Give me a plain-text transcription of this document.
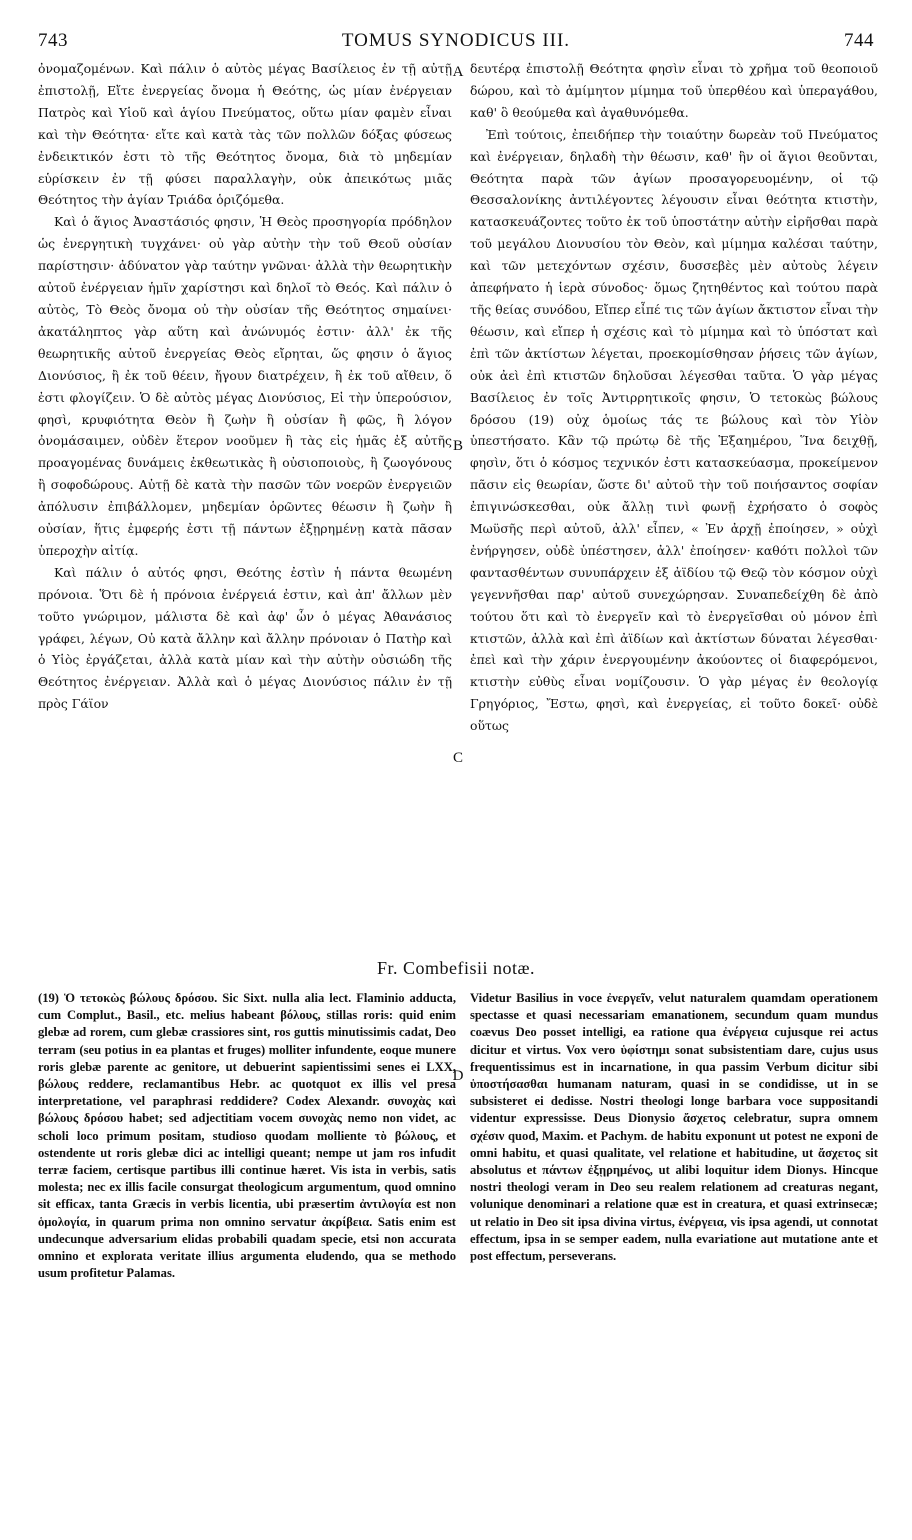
743	TOMUS SYNODICUS III.	744

ὀνομαζομένων. Καὶ πάλιν ὁ αὐτὸς μέγας Βασίλειος ἐν τῇ αὐτῇ ἐπιστολῇ, Εἴτε ἐνεργείας ὄνομα ἡ Θεότης, ὡς μίαν ἐνέργειαν Πατρὸς καὶ Υἱοῦ καὶ ἁγίου Πνεύματος, οὕτω μίαν φαμὲν εἶναι καὶ τὴν Θεότητα· εἴτε καὶ κατὰ τὰς τῶν πολλῶν δόξας φύσεως ἐνδεικτικόν ἐστι τὸ τῆς Θεότητος ὄνομα, διὰ τὸ μηδεμίαν εὑρίσκειν ἐν τῇ φύσει παραλλαγὴν, οὐκ ἀπεικότως μιᾶς Θεότητος τὴν ἁγίαν Τριάδα ὁριζόμεθα.

Καὶ ὁ ἅγιος Ἀναστάσιός φησιν, Ἡ Θεὸς προσηγορία πρόδηλον ὡς ἐνεργητικὴ τυγχάνει· οὐ γὰρ αὐτὴν τὴν τοῦ Θεοῦ οὐσίαν παρίστησιν· ἀδύνατον γὰρ ταύτην γνῶναι· ἀλλὰ τὴν θεωρητικὴν αὐτοῦ ἐνέργειαν ἡμῖν χαρίστησι καὶ δηλοῖ τὸ Θεός. Καὶ πάλιν ὁ αὐτὸς, Τὸ Θεὸς ὄνομα οὐ τὴν οὐσίαν τῆς Θεότητος σημαίνει· ἀκατάληπτος γὰρ αὕτη καὶ ἀνώνυμός ἐστιν· ἀλλ' ἐκ τῆς θεωρητικῆς αὐτοῦ ἐνεργείας Θεὸς εἴρηται, ὥς φησιν ὁ ἅγιος Διονύσιος, ἢ ἐκ τοῦ θέειν, ἤγουν διατρέχειν, ἢ ἐκ τοῦ αἴθειν, ὅ ἐστι φλογίζειν. Ὁ δὲ αὐτὸς μέγας Διονύσιος, Εἰ τὴν ὑπερούσιον, φησὶ, κρυφιότητα Θεὸν ἢ ζωὴν ἢ οὐσίαν ἢ φῶς, ἢ λόγον ὀνομάσαιμεν, οὐδὲν ἕτερον νοοῦμεν ἢ τὰς εἰς ἡμᾶς ἐξ αὐτῆς προαγομένας δυνάμεις ἐκθεωτικὰς ἢ οὐσιοποιοὺς, ἢ ζωογόνους ἢ σοφοδώρους. Αὐτῇ δὲ κατὰ τὴν πασῶν τῶν νοερῶν ἐνεργειῶν ἀπόλυσιν ἐπιβάλλομεν, μηδεμίαν ὁρῶντες θέωσιν ἢ ζωὴν ἢ οὐσίαν, ἥτις ἐμφερής ἐστι τῇ πάντων ἐξῃρημένῃ κατὰ πᾶσαν ὑπεροχὴν αἰτίᾳ.

Καὶ πάλιν ὁ αὐτός φησι, Θεότης ἐστὶν ἡ πάντα θεωμένη πρόνοια. Ὅτι δὲ ἡ πρόνοια ἐνέργειά ἐστιν, καὶ ἀπ' ἄλλων μὲν τοῦτο γνώριμον, μάλιστα δὲ καὶ ἀφ' ὧν ὁ μέγας Ἀθανάσιος γράφει, λέγων, Οὐ κατὰ ἄλλην καὶ ἄλλην πρόνοιαν ὁ Πατὴρ καὶ ὁ Υἱὸς ἐργάζεται, ἀλλὰ κατὰ μίαν καὶ τὴν αὐτὴν οὐσιώδη τῆς Θεότητος ἐνέργειαν. Ἀλλὰ καὶ ὁ μέγας Διονύσιος πάλιν ἐν τῇ πρὸς Γάϊον

δευτέρᾳ ἐπιστολῇ Θεότητα φησὶν εἶναι τὸ χρῆμα τοῦ θεοποιοῦ δώρου, καὶ τὸ ἀμίμητον μίμημα τοῦ ὑπερθέου καὶ ὑπεραγάθου, καθ' ὃ θεούμεθα καὶ ἀγαθυνόμεθα.

Ἐπὶ τούτοις, ἐπειδήπερ τὴν τοιαύτην δωρεὰν τοῦ Πνεύματος καὶ ἐνέργειαν, δηλαδὴ τὴν θέωσιν, καθ' ἣν οἱ ἅγιοι θεοῦνται, Θεότητα παρὰ τῶν ἁγίων προσαγορευομένην, οἱ τῷ Θεσσαλονίκης ἀντιλέγοντες λέγουσιν εἶναι θεότητα κτιστὴν, κατασκευάζοντες τοῦτο ἐκ τοῦ ὑποστάτην αὐτὴν εἰρῆσθαι παρὰ τοῦ μεγάλου Διονυσίου τὸν Θεὸν, καὶ μίμημα καλέσαι ταύτην, καὶ τῶν μετεχόντων σχέσιν, δυσσεβὲς μὲν αὐτοὺς λέγειν ἀπεφήνατο ἡ ἱερὰ σύνοδος· ὅμως ζητηθέντος καὶ τούτου παρὰ τῆς θείας συνόδου, Εἴπερ εἶπέ τις τῶν ἁγίων ἄκτιστον εἶναι τὴν θέωσιν, καὶ εἴπερ ἡ σχέσις καὶ τὸ μίμημα καὶ τὸ ὑπόστατ καὶ ἐπὶ τῶν ἀκτίστων λέγεται, προεκομίσθησαν ῥήσεις τῶν ἁγίων, οὐκ ἀεὶ ἐπὶ κτιστῶν δηλοῦσαι λέγεσθαι ταῦτα. Ὁ γὰρ μέγας Βασίλειος ἐν τοῖς Ἀντιρρητικοῖς φησιν, Ὁ τετοκὼς βώλους δρόσου (19) οὐχ ὁμοίως τάς τε βώλους καὶ τὸν Υἱὸν ὑπεστήσατο. Κἂν τῷ πρώτῳ δὲ τῆς Ἑξαημέρου, Ἵνα δειχθῇ, φησὶν, ὅτι ὁ κόσμος τεχνικόν ἐστι κατασκεύασμα, προκείμενον πᾶσιν εἰς θεωρίαν, ὥστε δι' αὐτοῦ τὴν τοῦ ποιήσαντος σοφίαν ἐπιγινώσκεσθαι, οὐκ ἄλλῃ τινὶ φωνῇ ἐχρήσατο ὁ σοφὸς Μωϋσῆς περὶ αὐτοῦ, ἀλλ' εἶπεν, « Ἐν ἀρχῇ ἐποίησεν, » οὐχὶ ἐνήργησεν, οὐδὲ ὑπέστησεν, ἀλλ' ἐποίησεν· καθότι πολλοὶ τῶν φαντασθέντων συνυπάρχειν ἐξ ἀϊδίου τῷ Θεῷ τὸν κόσμον οὐχὶ γεγεννῆσθαι παρ' αὐτοῦ συνεχώρησαν. Συναπεδείχθη δὲ ἀπὸ τούτου ὅτι καὶ τὸ ἐνεργεῖν καὶ τὸ ἐνεργεῖσθαι οὐ μόνον ἐπὶ κτιστῶν, ἀλλὰ καὶ ἐπὶ ἀϊδίων καὶ ἀκτίστων δύναται λέγεσθαι· ἐπεὶ καὶ τὴν χάριν ἐνεργουμένην ἀκούοντες οἱ διαφερόμενοι, κτιστὴν εὐθὺς εἶναι νομίζουσιν. Ὁ γὰρ μέγας ἐν θεολογίᾳ Γρηγόριος, Ἔστω, φησὶ, καὶ ἐνεργείας, εἰ τοῦτο δοκεῖ· οὐδὲ οὕτως

A
B
C
D
Fr. Combefisii notæ.

(19) Ὁ τετοκὼς βώλους δρόσου. Sic Sixt. nulla alia lect. Flaminio adducta, cum Complut., Basil., etc. melius habeant βόλους, stillas roris: quid enim glebæ ad rorem, cum glebæ crassiores sint, ros guttis minutissimis cadat, Deo terram (seu potius in ea plantas et fruges) molliter infundente, eoque munere roris glebæ parente ac genitore, ut debuerint sapientissimi senes ei LXX, βώλους reddere, reclamantibus Hebr. ac quotquot ex illis vel presa interpretatione, vel paraphrasi reddidere? Codex Alexandr. συνοχὰς καὶ βώλους δρόσου habet; sed adjectitiam vocem συνοχὰς nemo non videt, ac scholi loco primum positam, studioso quodam molliente τὸ βώλους, et ostendente ut roris glebæ dici ac intelligi queant; nempe ut jam ros infudit terræ faciem, certisque partibus illi continue hæret. Vis ista in verbis, satis molesta; nec ex illis facile consurgat theologicum argumentum, quod omnino sit efficax, tanta Græcis in verbis licentia, ubi præsertim ἀντιλογία est non ὁμολογία, in quarum prima non omnino servatur ἀκρίβεια. Satis enim est undecunque adversarium elidas probabili quadam specie, etsi non accurata omnino et explorata veritate illius argumenta eludendo, qua se methodo usum profitetur Palamas.

Videtur Basilius in voce ἐνεργεῖν, velut naturalem quamdam operationem spectasse et quasi necessariam emanationem, secundum quam mundus coævus Deo posset intelligi, ea ratione qua ἐνέργεια cujusque rei actus dicitur et virtus. Vox vero ὑφίστημι sonat subsistentiam dare, cujus usus frequentissimus est in incarnatione, in qua passim Verbum dicitur sibi ὑποστήσασθαι humanam naturam, quasi in se condidisse, ut in se subsisteret ei dedisse. Nostri theologi longe barbara voce suppositandi videntur expressisse. Deus Dionysio ἄσχετος celebratur, supra omnem σχέσιν quod, Maxim. et Pachym. de habitu exponunt ut potest ne exponi de omni habitu, et quasi qualitate, vel relatione et habitudine, ut ἄσχετος sit absolutus et πάντων ἐξῃρημένος, ut alibi loquitur idem Dionys. Hincque nostri theologi veram in Deo seu realem relationem ad creaturas negant, volunique denominari a relatione quæ est in creatura, et quasi extrinsecæ; ut relatio in Deo sit ipsa divina virtus, ἐνέργεια, vis ipsa agendi, ut connotat effectum, ipsa in se semper eadem, nulla evariatione aut mutatione ante et post effectum, perseverans.
